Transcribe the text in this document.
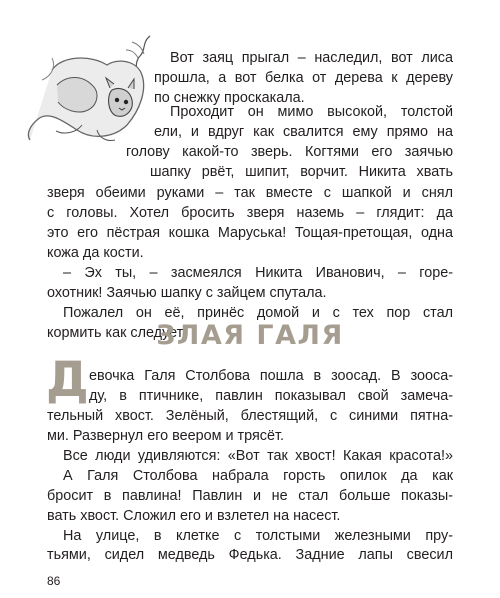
Вот заяц прыгал – наследил, вот лиса
прошла, а вот белка от дерева к дереву
по снежку проскакала.
Проходит он мимо высокой, толстой
ели, и вдруг как свалится ему прямо на
голову какой-то зверь. Когтями его заячью
шапку рвёт, шипит, ворчит. Никита хвать
зверя обеими руками – так вместе с шапкой и снял
с головы. Хотел бросить зверя наземь – глядит: да
это его пёстрая кошка Маруська! Тощая-претощая, одна
кожа да кости.
– Эх ты, – засмеялся Никита Иванович, – горе-
охотник! Заячью шапку с зайцем спутала.
Пожалел он её, принёс домой и с тех пор стал
кормить как следует.
ЗЛАЯ ГАЛЯ
Д евочка Галя Столбова пошла в зоосад. В зооса-
ду, в птичнике, павлин показывал свой замеча-
тельный хвост. Зелёный, блестящий, с синими пятна-
ми. Развернул его веером и трясёт.
Все люди удивляются: «Вот так хвост! Какая красота!»
А Галя Столбова набрала горсть опилок да как
бросит в павлина! Павлин и не стал больше показы-
вать хвост. Сложил его и взлетел на насест.
На улице, в клетке с толстыми железными пру-
тьями, сидел медведь Федька. Задние лапы свесил
86
